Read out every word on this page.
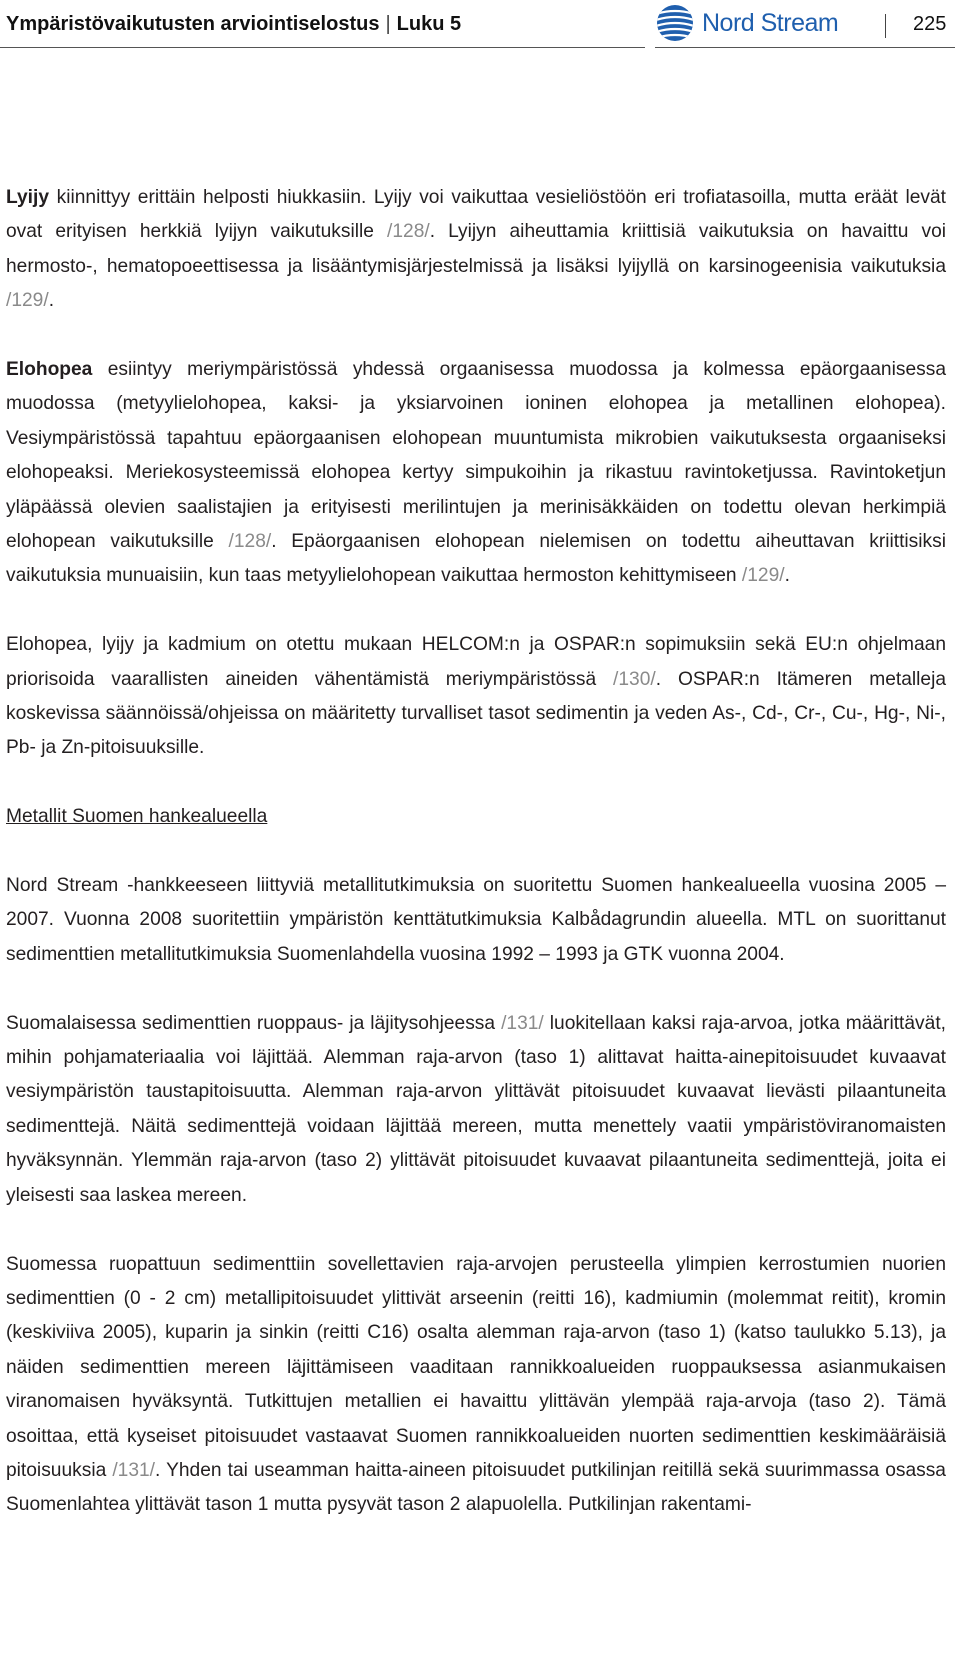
Ympäristövaikutusten arviointiselostus | Luku 5	Nord Stream	225

Lyijy kiinnittyy erittäin helposti hiukkasiin. Lyijy voi vaikuttaa vesieliöstöön eri trofiatasoilla, mutta eräät levät ovat erityisen herkkiä lyijyn vaikutuksille /128/. Lyijyn aiheuttamia kriittisiä vaikutuksia on havaittu voi hermosto-, hematopoeettisessa ja lisääntymisjärjestelmissä ja lisäksi lyijyllä on karsinogeenisia vaikutuksia /129/.

Elohopea esiintyy meriympäristössä yhdessä orgaanisessa muodossa ja kolmessa epäorgaanisessa muodossa (metyylielohopea, kaksi- ja yksiarvoinen ioninen elohopea ja metallinen elohopea). Vesiympäristössä tapahtuu epäorgaanisen elohopean muuntumista mikrobien vaikutuksesta orgaaniseksi elohopeaksi. Meriekosysteemissä elohopea kertyy simpukoihin ja rikastuu ravintoketjussa. Ravintoketjun yläpäässä olevien saalistajien ja erityisesti merilintujen ja merinisäkkäiden on todettu olevan herkimpiä elohopean vaikutuksille /128/. Epäorgaanisen elohopean nielemisen on todettu aiheuttavan kriittisiksi vaikutuksia munuaisiin, kun taas metyylielohopean vaikuttaa hermoston kehittymiseen /129/.

Elohopea, lyijy ja kadmium on otettu mukaan HELCOM:n ja OSPAR:n sopimuksiin sekä EU:n ohjelmaan priorisoida vaarallisten aineiden vähentämistä meriympäristössä /130/. OSPAR:n Itämeren metalleja koskevissa säännöissä/ohjeissa on määritetty turvalliset tasot sedimentin ja veden As-, Cd-, Cr-, Cu-, Hg-, Ni-, Pb- ja Zn-pitoisuuksille.

Metallit Suomen hankealueella

Nord Stream -hankkeeseen liittyviä metallitutkimuksia on suoritettu Suomen hankealueella vuosina 2005 – 2007. Vuonna 2008 suoritettiin ympäristön kenttätutkimuksia Kalbådagrundin alueella. MTL on suorittanut sedimenttien metallitutkimuksia Suomenlahdella vuosina 1992 – 1993 ja GTK vuonna 2004.

Suomalaisessa sedimenttien ruoppaus- ja läjitysohjeessa /131/ luokitellaan kaksi raja-arvoa, jotka määrittävät, mihin pohjamateriaalia voi läjittää. Alemman raja-arvon (taso 1) alittavat haitta-ainepitoisuudet kuvaavat vesiympäristön taustapitoisuutta. Alemman raja-arvon ylittävät pitoisuudet kuvaavat lievästi pilaantuneita sedimenttejä. Näitä sedimenttejä voidaan läjittää mereen, mutta menettely vaatii ympäristöviranomaisten hyväksynnän. Ylemmän raja-arvon (taso 2) ylittävät pitoisuudet kuvaavat pilaantuneita sedimenttejä, joita ei yleisesti saa laskea mereen.

Suomessa ruopattuun sedimenttiin sovellettavien raja-arvojen perusteella ylimpien kerrostumien nuorien sedimenttien (0 - 2 cm) metallipitoisuudet ylittivät arseenin (reitti 16), kadmiumin (molemmat reitit), kromin (keskiviiva 2005), kuparin ja sinkin (reitti C16) osalta alemman raja-arvon (taso 1) (katso taulukko 5.13), ja näiden sedimenttien mereen läjittämiseen vaaditaan rannikkoalueiden ruoppauksessa asianmukaisen viranomaisen hyväksyntä. Tutkittujen metallien ei havaittu ylittävän ylempää raja-arvoja (taso 2). Tämä osoittaa, että kyseiset pitoisuudet vastaavat Suomen rannikkoalueiden nuorten sedimenttien keskimääräisiä pitoisuuksia /131/. Yhden tai useamman haitta-aineen pitoisuudet putkilinjan reitillä sekä suurimmassa osassa Suomenlahtea ylittävät tason 1 mutta pysyvät tason 2 alapuolella. Putkilinjan rakentami-
